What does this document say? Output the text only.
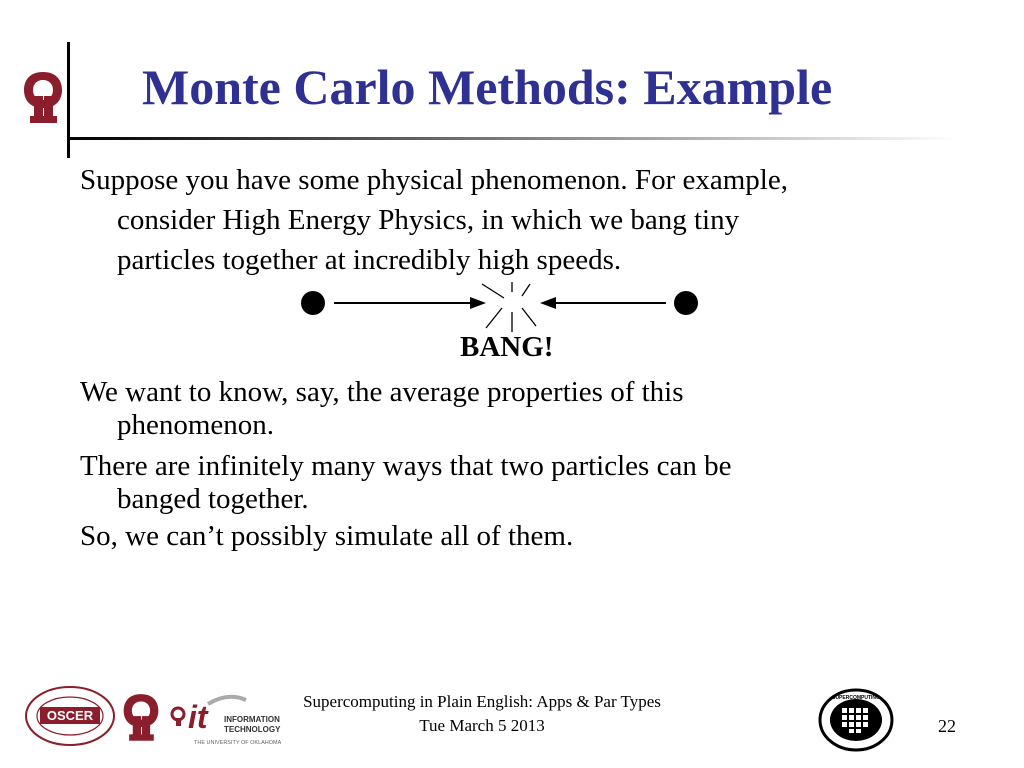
Monte Carlo Methods: Example
Suppose you have some physical phenomenon. For example,
consider High Energy Physics, in which we bang tiny
particles together at incredibly high speeds.
BANG!
We want to know, say, the average properties of this
phenomenon.
There are infinitely many ways that two particles can be
banged together.
So, we can’t possibly simulate all of them.
OSCER	it INFORMATION
TECHNOLOGY
THE UNIVERSITY OF OKLAHOMA
Supercomputing in Plain English: Apps & Par Types
Tue March 5 2013
SUPERCOMPUTING
22
